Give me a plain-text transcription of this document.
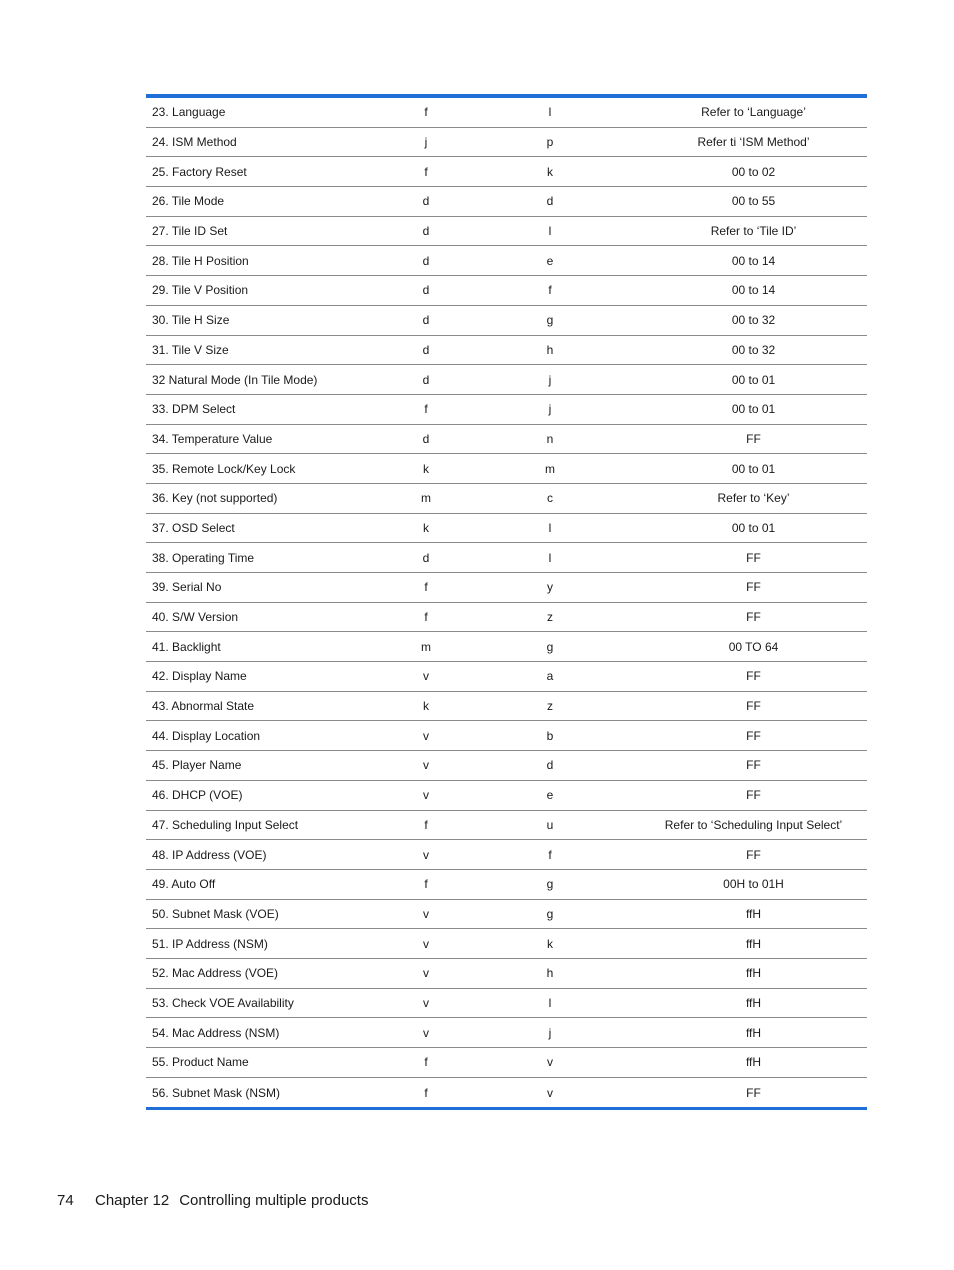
23. Language	f	l	Refer to ‘Language’
24. ISM Method	j	p	Refer ti ‘ISM Method’
25. Factory Reset	f	k	00 to 02
26. Tile Mode	d	d	00 to 55
27. Tile ID Set	d	l	Refer to ‘Tile ID’
28. Tile H Position	d	e	00 to 14
29. Tile V Position	d	f	00 to 14
30. Tile H Size	d	g	00 to 32
31. Tile V Size	d	h	00 to 32
32 Natural Mode (In Tile Mode)	d	j	00 to 01
33. DPM Select	f	j	00 to 01
34. Temperature Value	d	n	FF
35. Remote Lock/Key Lock	k	m	00 to 01
36. Key (not supported)	m	c	Refer to ‘Key’
37. OSD Select	k	l	00 to 01
38. Operating Time	d	l	FF
39. Serial No	f	y	FF
40. S/W Version	f	z	FF
41. Backlight	m	g	00 TO 64
42. Display Name	v	a	FF
43. Abnormal State	k	z	FF
44. Display Location	v	b	FF
45. Player Name	v	d	FF
46. DHCP (VOE)	v	e	FF
47. Scheduling Input Select	f	u	Refer to ‘Scheduling Input Select’
48. IP Address (VOE)	v	f	FF
49. Auto Off	f	g	00H to 01H
50. Subnet Mask (VOE)	v	g	ffH
51. IP Address (NSM)	v	k	ffH
52. Mac Address (VOE)	v	h	ffH
53. Check VOE Availability	v	l	ffH
54. Mac Address (NSM)	v	j	ffH
55. Product Name	f	v	ffH
56. Subnet Mask (NSM)	f	v	FF
74	Chapter 12 Controlling multiple products
